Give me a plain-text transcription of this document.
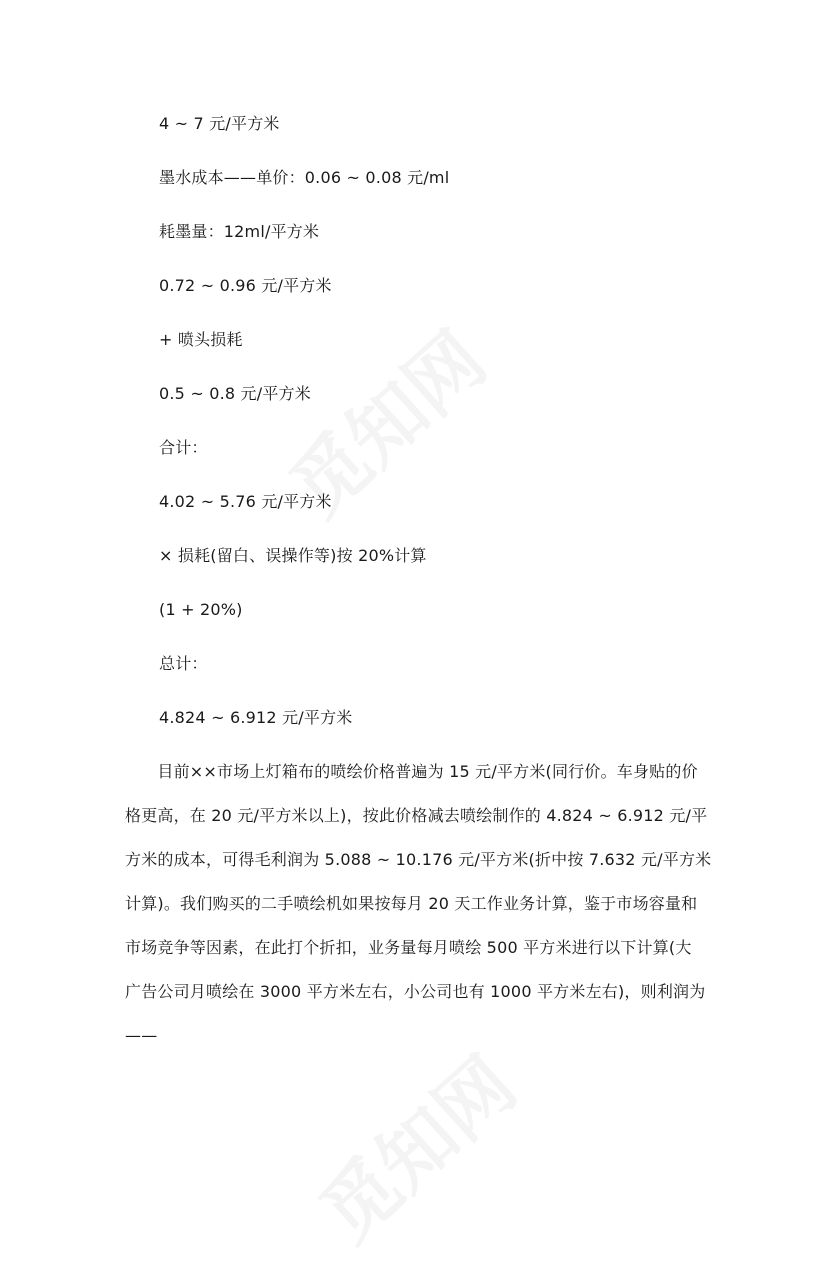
4 ~ 7 元/平方米
墨水成本——单价：0.06 ~ 0.08 元/ml
耗墨量：12ml/平方米
0.72 ~ 0.96 元/平方米
+ 喷头损耗
0.5 ~ 0.8 元/平方米
合计：
4.02 ~ 5.76 元/平方米
× 损耗(留白、误操作等)按 20%计算
(1 + 20%)
总计：
4.824 ~ 6.912 元/平方米
　　目前××市场上灯箱布的喷绘价格普遍为 15 元/平方米(同行价。车身贴的价
格更高，在 20 元/平方米以上)，按此价格减去喷绘制作的 4.824 ~ 6.912 元/平
方米的成本，可得毛利润为 5.088 ~ 10.176 元/平方米(折中按 7.632 元/平方米
计算)。我们购买的二手喷绘机如果按每月 20 天工作业务计算，鉴于市场容量和
市场竞争等因素，在此打个折扣，业务量每月喷绘 500 平方米进行以下计算(大
广告公司月喷绘在 3000 平方米左右，小公司也有 1000 平方米左右)，则利润为
——
